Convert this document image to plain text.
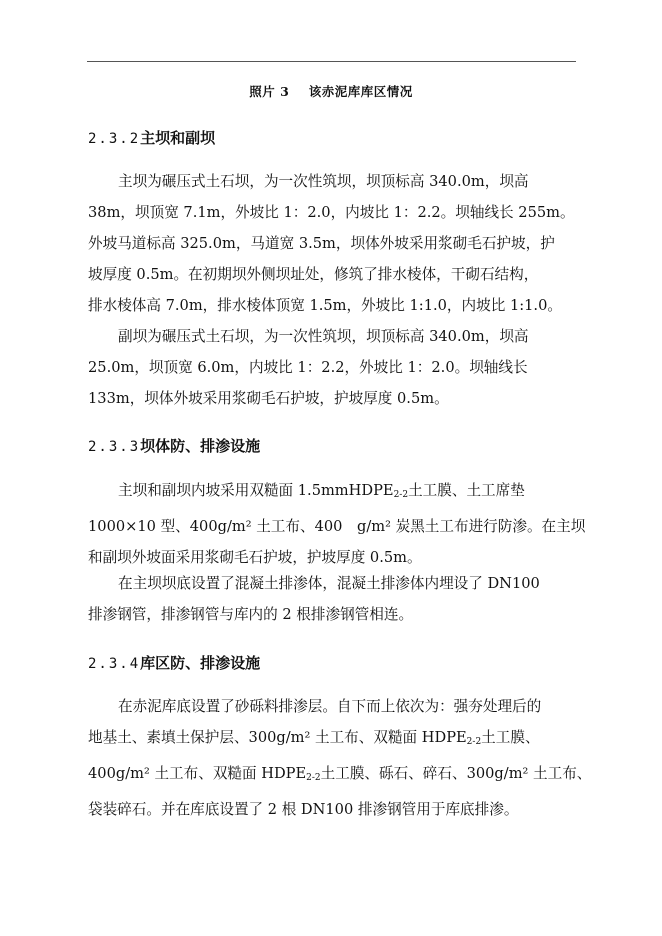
照片 3 该赤泥库库区情况
2.3.2主坝和副坝
主坝为碾压式土石坝，为一次性筑坝，坝顶标高 340.0m，坝高
38m，坝顶宽 7.1m，外坡比 1：2.0，内坡比 1：2.2。坝轴线长 255m。
外坡马道标高 325.0m，马道宽 3.5m，坝体外坡采用浆砌毛石护坡，护
坡厚度 0.5m。在初期坝外侧坝址处，修筑了排水棱体，干砌石结构，
排水棱体高 7.0m，排水棱体顶宽 1.5m，外坡比 1:1.0，内坡比 1:1.0。
副坝为碾压式土石坝，为一次性筑坝，坝顶标高 340.0m，坝高
25.0m，坝顶宽 6.0m，内坡比 1：2.2，外坡比 1：2.0。坝轴线长
133m，坝体外坡采用浆砌毛石护坡，护坡厚度 0.5m。
2.3.3坝体防、排渗设施
主坝和副坝内坡采用双糙面 1.5mmHDPE$_{2-2}$土工膜、土工席垫
1000×10 型、400g/m² 土工布、400　g/m² 炭黑土工布进行防渗。在主坝
和副坝外坡面采用浆砌毛石护坡，护坡厚度 0.5m。
在主坝坝底设置了混凝土排渗体，混凝土排渗体内埋设了 DN100
排渗钢管，排渗钢管与库内的 2 根排渗钢管相连。
2.3.4库区防、排渗设施
在赤泥库底设置了砂砾料排渗层。自下而上依次为：强夯处理后的
地基土、素填土保护层、300g/m² 土工布、双糙面 $HDPE_{2-2}$土工膜、
400g/m² 土工布、双糙面 $HDPE_{2-2}$土工膜、砾石、碎石、300g/m² 土工布、
袋装碎石。并在库底设置了 2 根 DN100 排渗钢管用于库底排渗。
